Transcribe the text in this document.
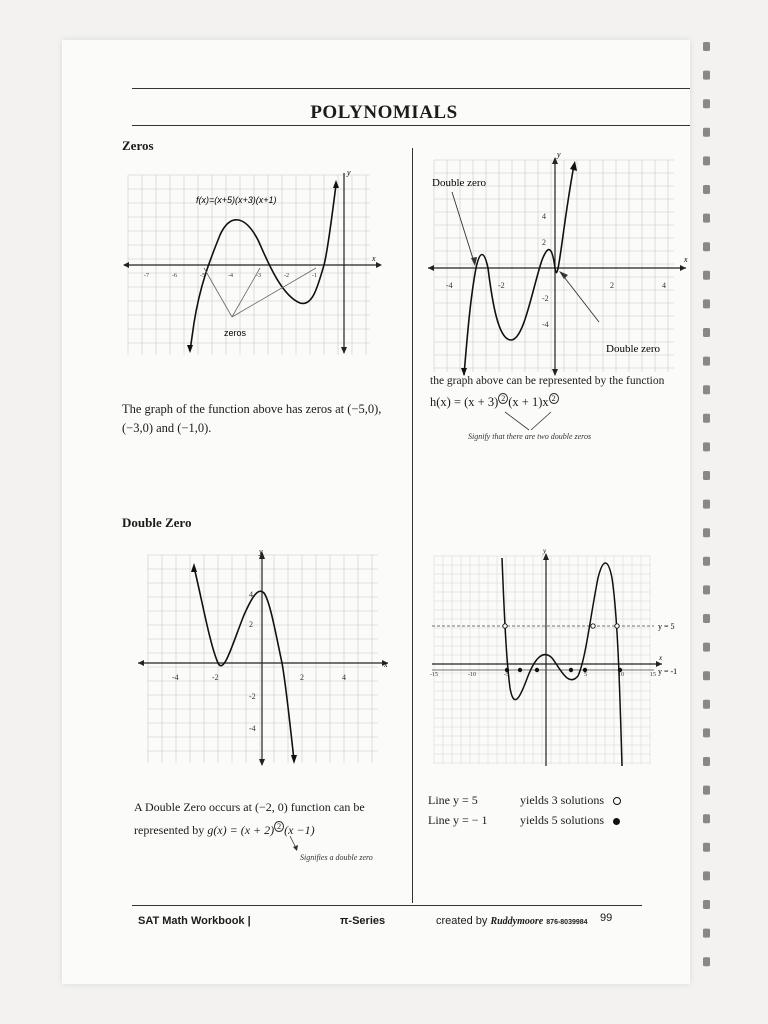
POLYNOMIALS
Zeros
x
y
-7	-6	-5	-4	-3	-2	-1
f(x)=(x+5)(x+3)(x+1)
zeros
The graph of the function above has zeros at (−5,0), (−3,0) and (−1,0).
x
y
-4	-2	2	4
4
2
-2
-4
Double zero
Double zero
the graph above can be represented by the function
h(x) = (x + 3) $^2$ (x + 1)x $^2$
Signify that there are two double zeros
Double Zero
x
y
-4	-2	2	4
4
2
-2
-4
A Double Zero occurs at (−2, 0) function can be
represented by g(x) = (x + 2) $^2$ (x −1)
Signifies a double zero
x
y
y = 5
y = -1
-15	-10	-5	5	10	15
Line y = 5	yields 3 solutions
Line y = − 1	yields 5 solutions
SAT Math Workbook |	π-Series	created by Ruddymoore 876-8039984 99
